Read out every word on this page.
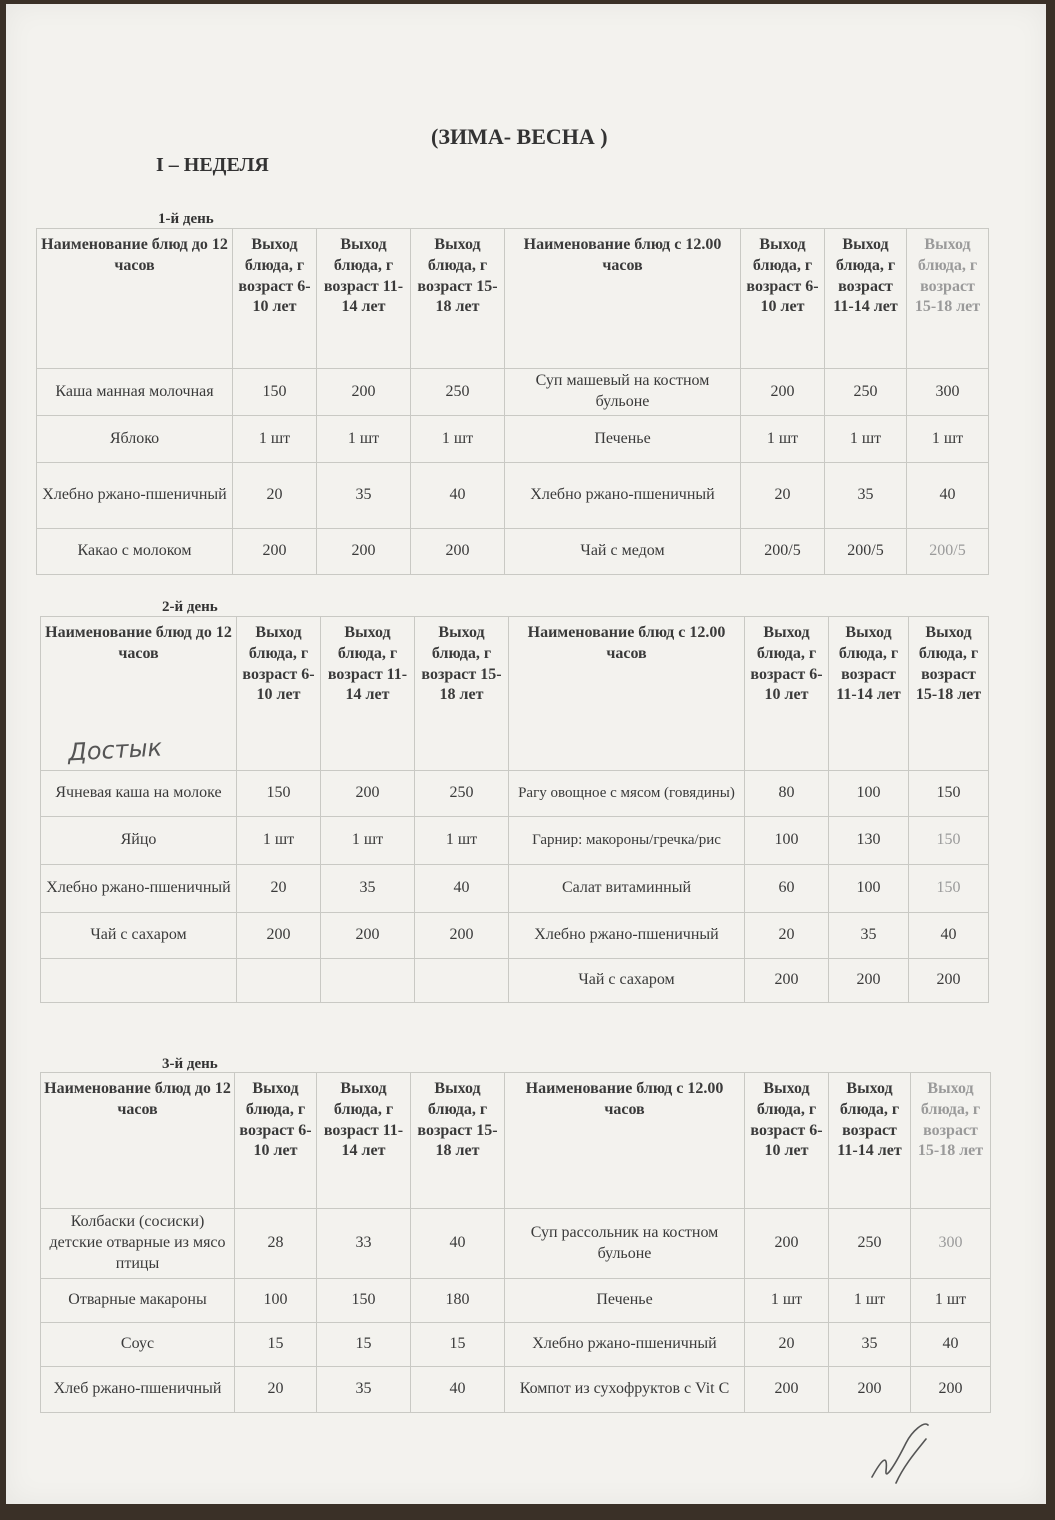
(ЗИМА- ВЕСНА )
I – НЕДЕЛЯ
1-й день
Наименование блюд до 12 часов	Выход блюда, г возраст 6-10 лет	Выход блюда, г возраст 11-14 лет	Выход блюда, г возраст 15-18 лет	Наименование блюд с 12.00 часов	Выход блюда, г возраст 6-10 лет	Выход блюда, г возраст 11-14 лет	Выход блюда, г возраст 15-18 лет
Каша манная молочная	150	200	250	Суп машевый на костном бульоне	200	250	300
Яблоко	1 шт	1 шт	1 шт	Печенье	1 шт	1 шт	1 шт
Хлебно ржано-пшеничный	20	35	40	Хлебно ржано-пшеничный	20	35	40
Какао с молоком	200	200	200	Чай с медом	200/5	200/5	200/5
2-й день
Наименование блюд до 12 часов	Выход блюда, г возраст 6-10 лет	Выход блюда, г возраст 11-14 лет	Выход блюда, г возраст 15-18 лет	Наименование блюд с 12.00 часов	Выход блюда, г возраст 6-10 лет	Выход блюда, г возраст 11-14 лет	Выход блюда, г возраст 15-18 лет
Ячневая каша на молоке	150	200	250	Рагу овощное с мясом (говядины)	80	100	150
Яйцо	1 шт	1 шт	1 шт	Гарнир: макороны/гречка/рис	100	130	150
Хлебно ржано-пшеничный	20	35	40	Салат витаминный	60	100	150
Чай с сахаром	200	200	200	Хлебно ржано-пшеничный	20	35	40
				Чай с сахаром	200	200	200
Достык
3-й день
Наименование блюд до 12 часов	Выход блюда, г возраст 6-10 лет	Выход блюда, г возраст 11-14 лет	Выход блюда, г возраст 15-18 лет	Наименование блюд с 12.00 часов	Выход блюда, г возраст 6-10 лет	Выход блюда, г возраст 11-14 лет	Выход блюда, г возраст 15-18 лет
Колбаски (сосиски) детские отварные из мясо птицы	28	33	40	Суп рассольник на костном бульоне	200	250	300
Отварные макароны	100	150	180	Печенье	1 шт	1 шт	1 шт
Соус	15	15	15	Хлебно ржано-пшеничный	20	35	40
Хлеб ржано-пшеничный	20	35	40	Компот из сухофруктов с Vit C	200	200	200
